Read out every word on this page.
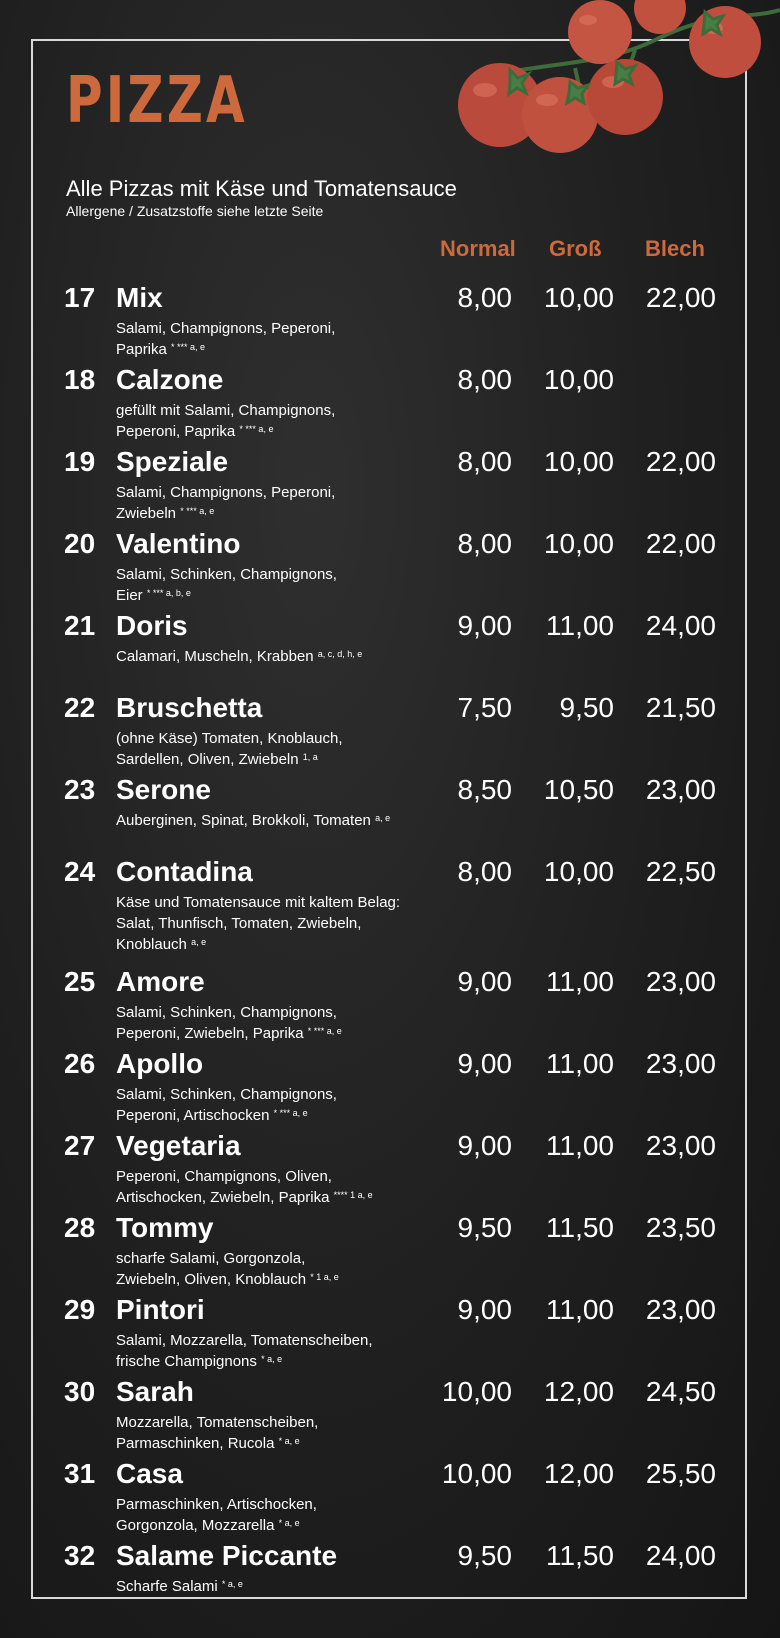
PIZZA
Alle Pizzas mit Käse und Tomatensauce
Allergene / Zusatzstoffe siehe letzte Seite
Normal Groß Blech
17 Mix
Salami, Champignons, Peperoni,
Paprika $^{* *** a, e}$
8,00	10,00	22,00
18 Calzone
gefüllt mit Salami, Champignons,
Peperoni, Paprika $^{* *** a, e}$
8,00	10,00
19 Speziale
Salami, Champignons, Peperoni,
Zwiebeln $^{* *** a, e}$
8,00	10,00	22,00
20 Valentino
Salami, Schinken, Champignons,
Eier $^{* *** a, b, e}$
8,00	10,00	22,00
21 Doris
Calamari, Muscheln, Krabben $^{a, c, d, h, e}$
9,00	11,00	24,00
22 Bruschetta
(ohne Käse) Tomaten, Knoblauch,
Sardellen, Oliven, Zwiebeln $^{1, a}$
7,50	9,50	21,50
23 Serone
Auberginen, Spinat, Brokkoli, Tomaten $^{a, e}$
8,50	10,50	23,00
24 Contadina
Käse und Tomatensauce mit kaltem Belag:
Salat, Thunfisch, Tomaten, Zwiebeln,
Knoblauch $^{a, e}$
8,00	10,00	22,50
25 Amore
Salami, Schinken, Champignons,
Peperoni, Zwiebeln, Paprika $^{* *** a, e}$
9,00	11,00	23,00
26 Apollo
Salami, Schinken, Champignons,
Peperoni, Artischocken $^{* *** a, e}$
9,00	11,00	23,00
27 Vegetaria
Peperoni, Champignons, Oliven,
Artischocken, Zwiebeln, Paprika $^{**** 1 a, e}$
9,00	11,00	23,00
28 Tommy
scharfe Salami, Gorgonzola,
Zwiebeln, Oliven, Knoblauch $^{* 1 a, e}$
9,50	11,50	23,50
29 Pintori
Salami, Mozzarella, Tomatenscheiben,
frische Champignons $^{* a, e}$
9,00	11,00	23,00
30 Sarah
Mozzarella, Tomatenscheiben,
Parmaschinken, Rucola $^{* a, e}$
10,00	12,00	24,50
31 Casa
Parmaschinken, Artischocken,
Gorgonzola, Mozzarella $^{* a, e}$
10,00	12,00	25,50
32 Salame Piccante
Scharfe Salami $^{* a, e}$
9,50	11,50	24,00
